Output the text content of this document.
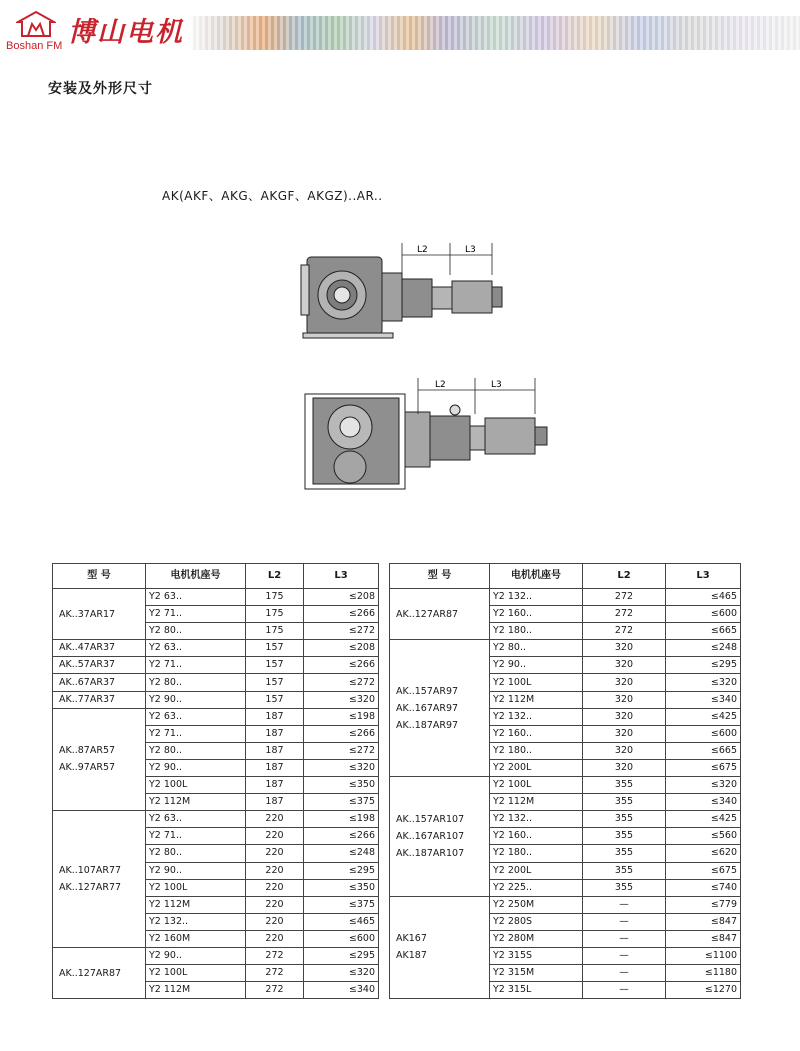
Boshan FM 博山电机
安装及外形尺寸
AK(AKF、AKG、AKGF、AKGZ)..AR..
L2	L3
L2	L3
型 号	电机机座号	L2	L3

AK..37AR17	Y2 63..	175	≤208
	Y2 71..	175	≤266
	Y2 80..	175	≤272
AK..47AR37	Y2 63..	157	≤208
AK..57AR37	Y2 71..	157	≤266
AK..67AR37	Y2 80..	157	≤272
AK..77AR37	Y2 90..	157	≤320

AK..87AR57
AK..97AR57	Y2 63..	187	≤198
	Y2 71..	187	≤266
	Y2 80..	187	≤272
	Y2 90..	187	≤320
	Y2 100L	187	≤350
	Y2 112M	187	≤375

AK..107AR77
AK..127AR77	Y2 63..	220	≤198
	Y2 71..	220	≤266
	Y2 80..	220	≤248
	Y2 90..	220	≤295
	Y2 100L	220	≤350
	Y2 112M	220	≤375
	Y2 132..	220	≤465
	Y2 160M	220	≤600

AK..127AR87	Y2 90..	272	≤295
	Y2 100L	272	≤320
	Y2 112M	272	≤340
型 号	电机机座号	L2	L3

AK..127AR87	Y2 132..	272	≤465
	Y2 160..	272	≤600
	Y2 180..	272	≤665

AK..157AR97
AK..167AR97
AK..187AR97	Y2 80..	320	≤248
	Y2 90..	320	≤295
	Y2 100L	320	≤320
	Y2 112M	320	≤340
	Y2 132..	320	≤425
	Y2 160..	320	≤600
	Y2 180..	320	≤665
	Y2 200L	320	≤675

AK..157AR107
AK..167AR107
AK..187AR107	Y2 100L	355	≤320
	Y2 112M	355	≤340
	Y2 132..	355	≤425
	Y2 160..	355	≤560
	Y2 180..	355	≤620
	Y2 200L	355	≤675
	Y2 225..	355	≤740

AK167
AK187	Y2 250M	—	≤779
	Y2 280S	—	≤847
	Y2 280M	—	≤847
	Y2 315S	—	≤1100
	Y2 315M	—	≤1180
	Y2 315L	—	≤1270
